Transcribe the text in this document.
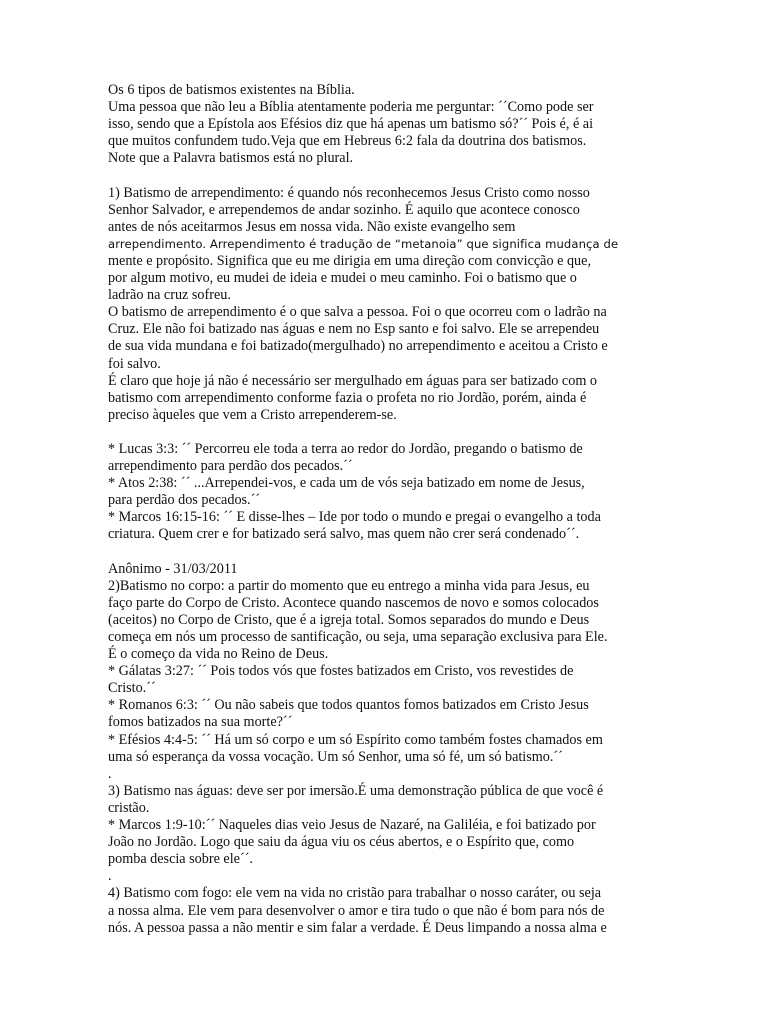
Os 6 tipos de batismos existentes na Bíblia.
Uma pessoa que não leu a Bíblia atentamente poderia me perguntar: ´´Como pode ser
isso, sendo que a Epístola aos Efésios diz que há apenas um batismo só?´´ Pois é, é ai
que muitos confundem tudo.Veja que em Hebreus 6:2 fala da doutrina dos batismos.
Note que a Palavra batismos está no plural.
1) Batismo de arrependimento: é quando nós reconhecemos Jesus Cristo como nosso
Senhor Salvador, e arrependemos de andar sozinho. É aquilo que acontece conosco
antes de nós aceitarmos Jesus em nossa vida. Não existe evangelho sem
arrependimento. Arrependimento é tradução de “metanoia” que significa mudança de
mente e propósito. Significa que eu me dirigia em uma direção com convicção e que,
por algum motivo, eu mudei de ideia e mudei o meu caminho. Foi o batismo que o
ladrão na cruz sofreu.
O batismo de arrependimento é o que salva a pessoa. Foi o que ocorreu com o ladrão na
Cruz. Ele não foi batizado nas águas e nem no Esp santo e foi salvo. Ele se arrependeu
de sua vida mundana e foi batizado(mergulhado) no arrependimento e aceitou a Cristo e
foi salvo.
É claro que hoje já não é necessário ser mergulhado em águas para ser batizado com o
batismo com arrependimento conforme fazia o profeta no rio Jordão, porém, ainda é
preciso àqueles que vem a Cristo arrependerem-se.
* Lucas 3:3: ´´ Percorreu ele toda a terra ao redor do Jordão, pregando o batismo de
arrependimento para perdão dos pecados.´´
* Atos 2:38: ´´ ...Arrependei-vos, e cada um de vós seja batizado em nome de Jesus,
para perdão dos pecados.´´
* Marcos 16:15-16: ´´ E disse-lhes – Ide por todo o mundo e pregai o evangelho a toda
criatura. Quem crer e for batizado será salvo, mas quem não crer será condenado´´.
Anônimo - 31/03/2011
2)Batismo no corpo: a partir do momento que eu entrego a minha vida para Jesus, eu
faço parte do Corpo de Cristo. Acontece quando nascemos de novo e somos colocados
(aceitos) no Corpo de Cristo, que é a igreja total. Somos separados do mundo e Deus
começa em nós um processo de santificação, ou seja, uma separação exclusiva para Ele.
É o começo da vida no Reino de Deus.
* Gálatas 3:27: ´´ Pois todos vós que fostes batizados em Cristo, vos revestides de
Cristo.´´
* Romanos 6:3: ´´ Ou não sabeis que todos quantos fomos batizados em Cristo Jesus
fomos batizados na sua morte?´´
* Efésios 4:4-5: ´´ Há um só corpo e um só Espírito como também fostes chamados em
uma só esperança da vossa vocação. Um só Senhor, uma só fé, um só batismo.´´
.
3) Batismo nas águas: deve ser por imersão.É uma demonstração pública de que você é
cristão.
* Marcos 1:9-10:´´ Naqueles dias veio Jesus de Nazaré, na Galiléia, e foi batizado por
João no Jordão. Logo que saiu da água viu os céus abertos, e o Espírito que, como
pomba descia sobre ele´´.
.
4) Batismo com fogo: ele vem na vida no cristão para trabalhar o nosso caráter, ou seja
a nossa alma. Ele vem para desenvolver o amor e tira tudo o que não é bom para nós de
nós. A pessoa passa a não mentir e sim falar a verdade. É Deus limpando a nossa alma e
